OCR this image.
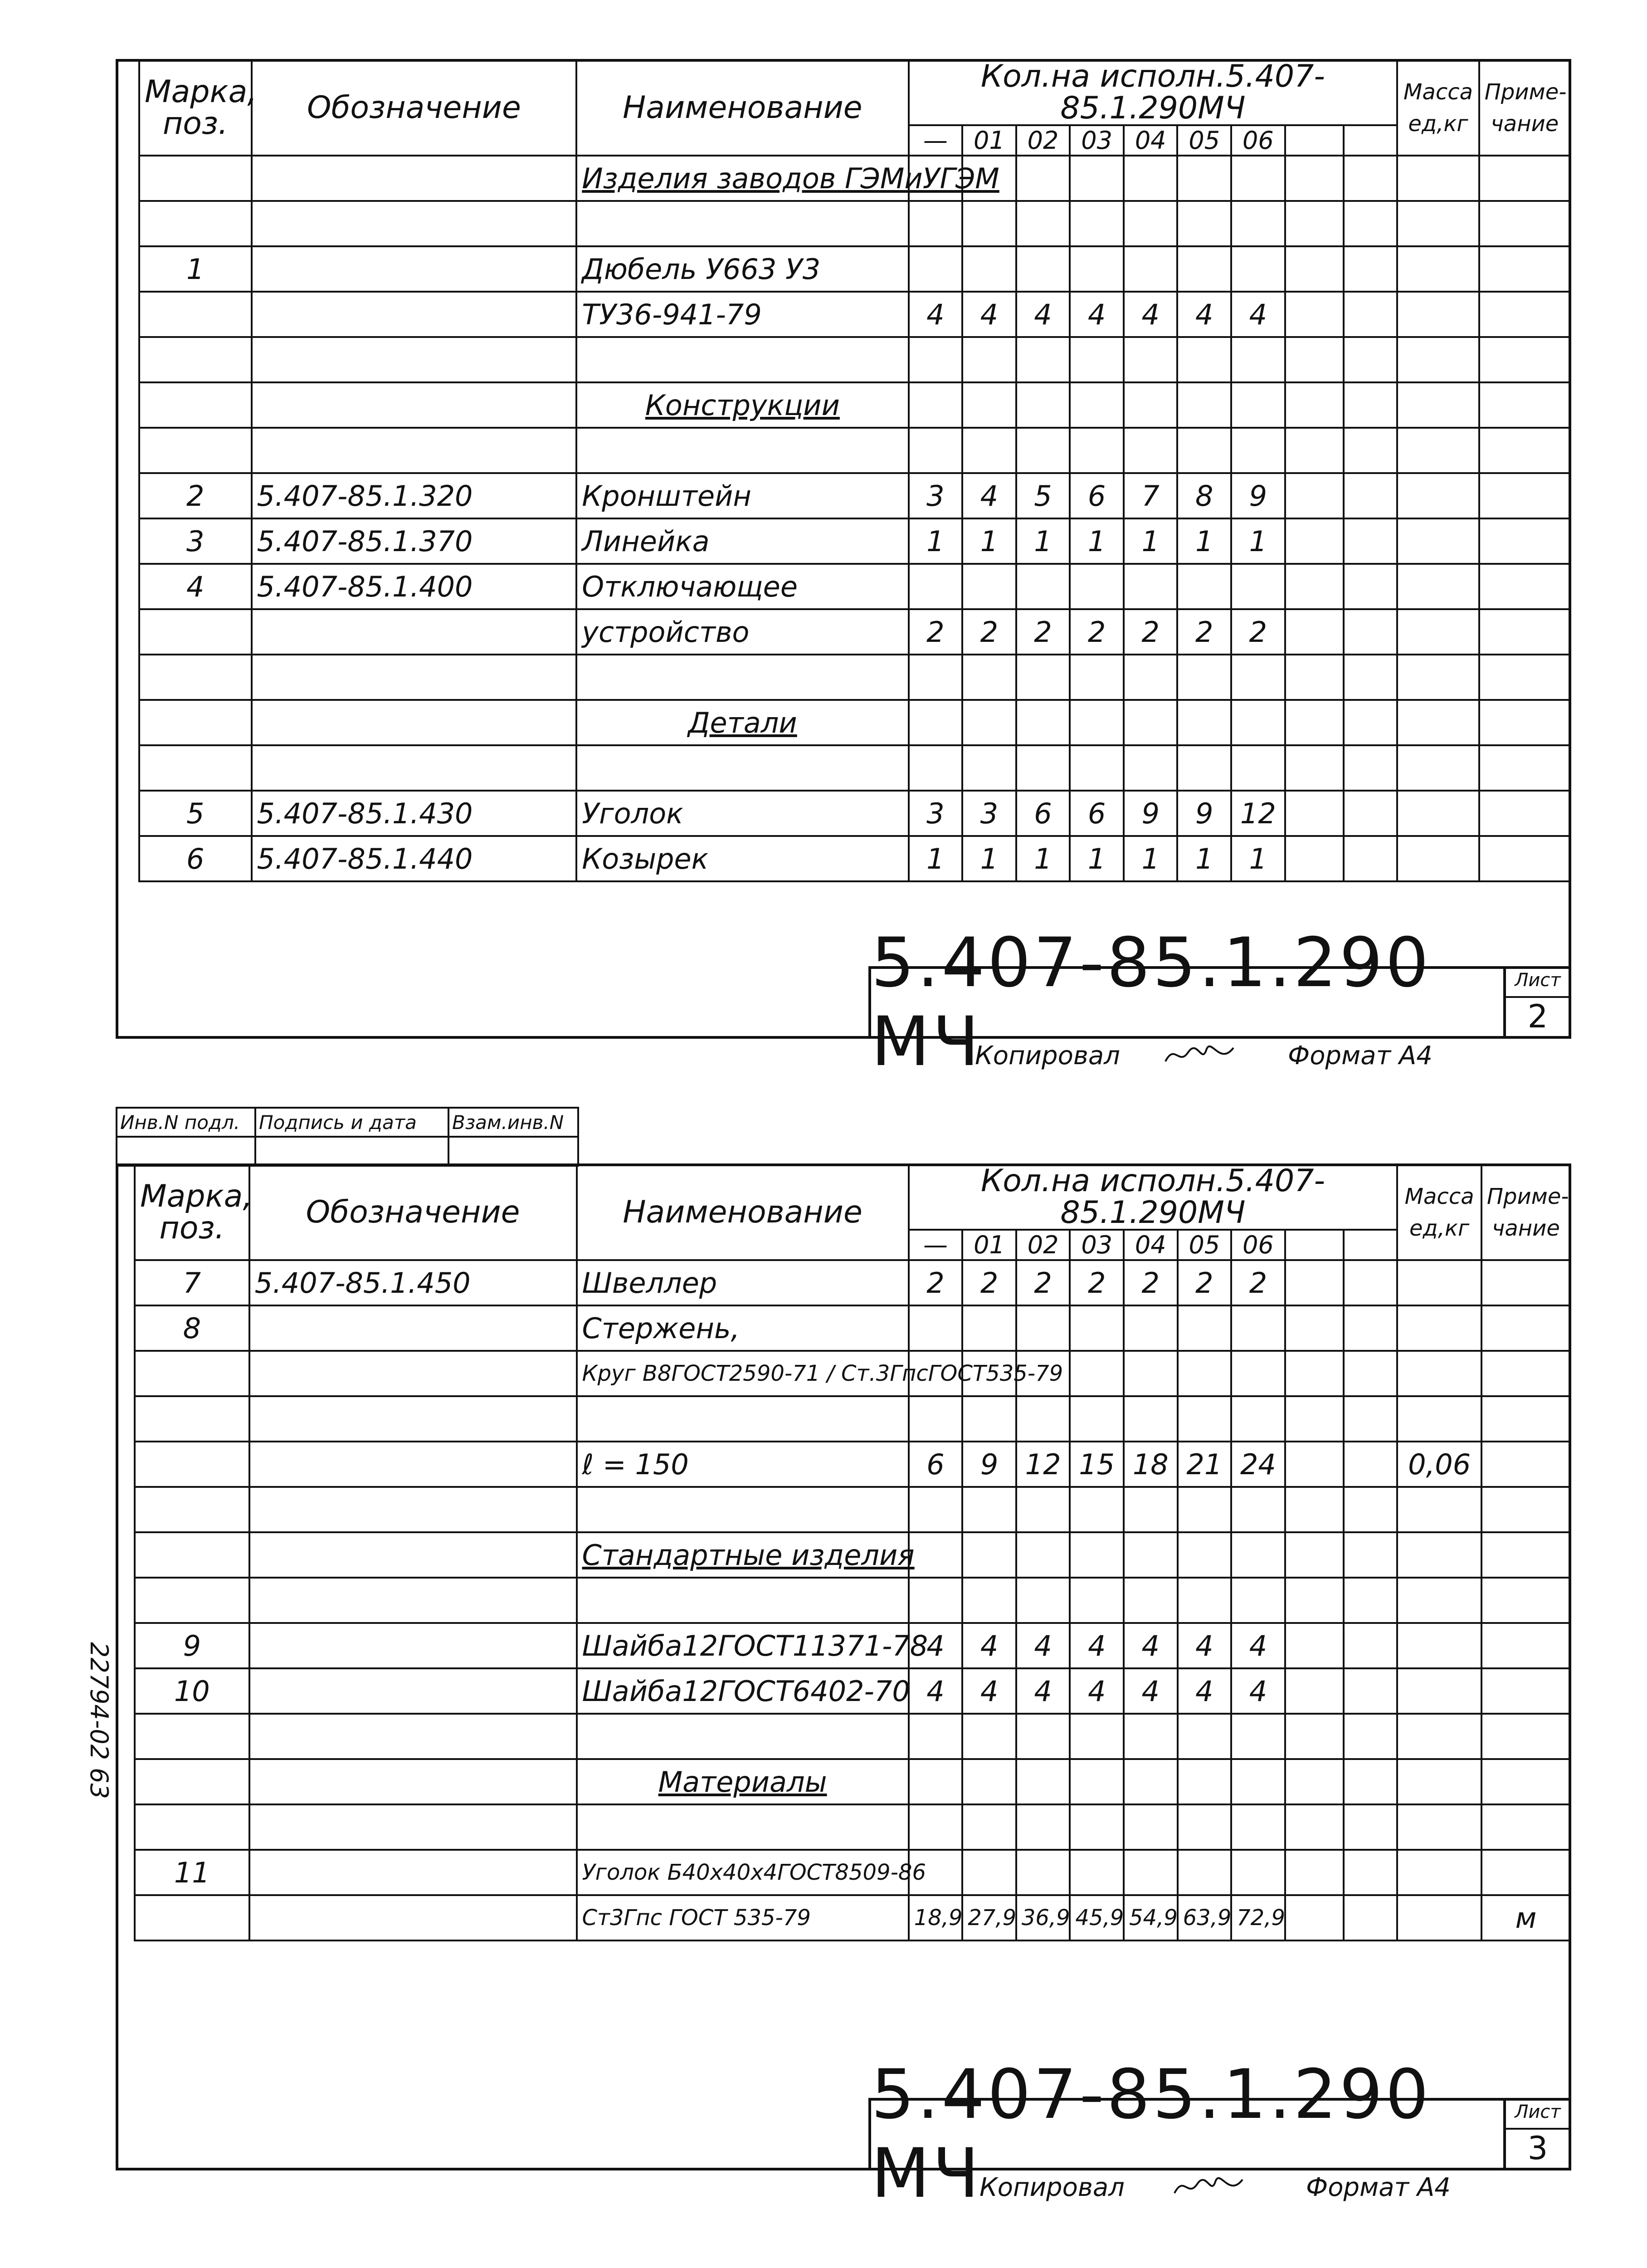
Марка, поз.	Обозначение	Наименование	Кол.на исполн.5.407-85.1.290МЧ									Масса ед,кг	Приме- чание
			—	01	02	03	04	05	06				
		Изделия заводов ГЭМиУГЭМ											

1		Дюбель У663 У3											
		ТУ36-941-79	4	4	4	4	4	4	4				

		Конструкции											

2	5.407-85.1.320	Кронштейн	3	4	5	6	7	8	9				
3	5.407-85.1.370	Линейка	1	1	1	1	1	1	1				
4	5.407-85.1.400	Отключающее											
		устройство	2	2	2	2	2	2	2				

		Детали											

5	5.407-85.1.430	Уголок	3	3	6	6	9	9	12				
6	5.407-85.1.440	Козырек	1	1	1	1	1	1	1				
5.407-85.1.290 МЧ
Лист
2
Копировал	Формат А4
Инв.N подл.	Подпись и дата	Взам.инв.N

Марка, поз.	Обозначение	Наименование	Кол.на исполн.5.407-85.1.290МЧ									Масса ед,кг	Приме- чание
			—	01	02	03	04	05	06				
7	5.407-85.1.450	Швеллер	2	2	2	2	2	2	2				
8		Стержень,											
		Круг В8ГОСТ2590-71 / Ст.3ГпсГОСТ535-79											

		ℓ = 150	6	9	12	15	18	21	24			0,06	

		Стандартные изделия											

9		Шайба12ГОСТ11371-78	4	4	4	4	4	4	4				
10		Шайба12ГОСТ6402-70	4	4	4	4	4	4	4				

		Материалы											

11		Уголок Б40х40х4ГОСТ8509-86											
		Ст3Гпс ГОСТ 535-79	18,9	27,9	36,9	45,9	54,9	63,9	72,9				м
22794-02 63
5.407-85.1.290 МЧ
Лист
3
Копировал	Формат А4
